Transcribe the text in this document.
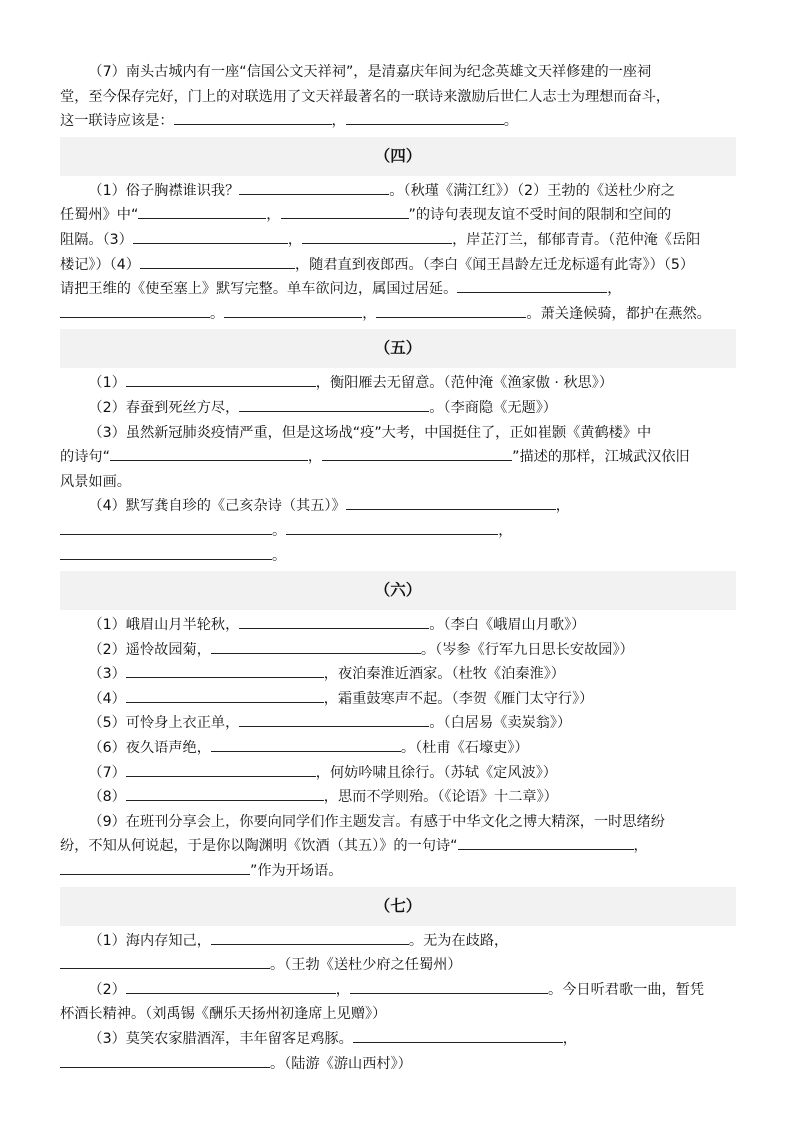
（7）南头古城内有一座“信国公文天祥祠”，是清嘉庆年间为纪念英雄文天祥修建的一座祠

堂，至今保存完好，门上的对联选用了文天祥最著名的一联诗来激励后世仁人志士为理想而奋斗，

这一联诗应该是：	，	。

（四）

（1）俗子胸襟谁识我？	。（秋瑾《满江红》）（2）王勃的《送杜少府之

任蜀州》中“	，	”的诗句表现友谊不受时间的限制和空间的

阻隔。（3）	，	，岸芷汀兰，郁郁青青。（范仲淹《岳阳

楼记》）（4）	，随君直到夜郎西。（李白《闻王昌龄左迁龙标遥有此寄》）（5）

请把王维的《使至塞上》默写完整。单车欲问边，属国过居延。	，

。	，	。萧关逢候骑，都护在燕然。

（五）

（1）	，衡阳雁去无留意。（范仲淹《渔家傲 · 秋思》）

（2）春蚕到死丝方尽，	。（李商隐《无题》）

（3）虽然新冠肺炎疫情严重，但是这场战“疫”大考，中国挺住了，正如崔颢《黄鹤楼》中

的诗句“	，	”描述的那样，江城武汉依旧

风景如画。

（4）默写龚自珍的《己亥杂诗（其五）》	，

。	，

。

（六）

（1）峨眉山月半轮秋，	。（李白《峨眉山月歌》）

（2）遥怜故园菊，	。（岑参《行军九日思长安故园》）

（3）	，夜泊秦淮近酒家。（杜牧《泊秦淮》）

（4）	，霜重鼓寒声不起。（李贺《雁门太守行》）

（5）可怜身上衣正单，	。（白居易《卖炭翁》）

（6）夜久语声绝，	。（杜甫《石壕吏》）

（7）	，何妨吟啸且徐行。（苏轼《定风波》）

（8）	，思而不学则殆。（《论语》十二章》）

（9）在班刊分享会上，你要向同学们作主题发言。有感于中华文化之博大精深，一时思绪纷

纷，不知从何说起，于是你以陶渊明《饮酒（其五）》的一句诗“	，

”作为开场语。

（七）

（1）海内存知己，	。无为在歧路，

。（王勃《送杜少府之任蜀州）

（2）	，	。今日听君歌一曲，暂凭

杯酒长精神。（刘禹锡《酬乐天扬州初逢席上见赠》）

（3）莫笑农家腊酒浑，丰年留客足鸡豚。	，

。（陆游《游山西村》）
